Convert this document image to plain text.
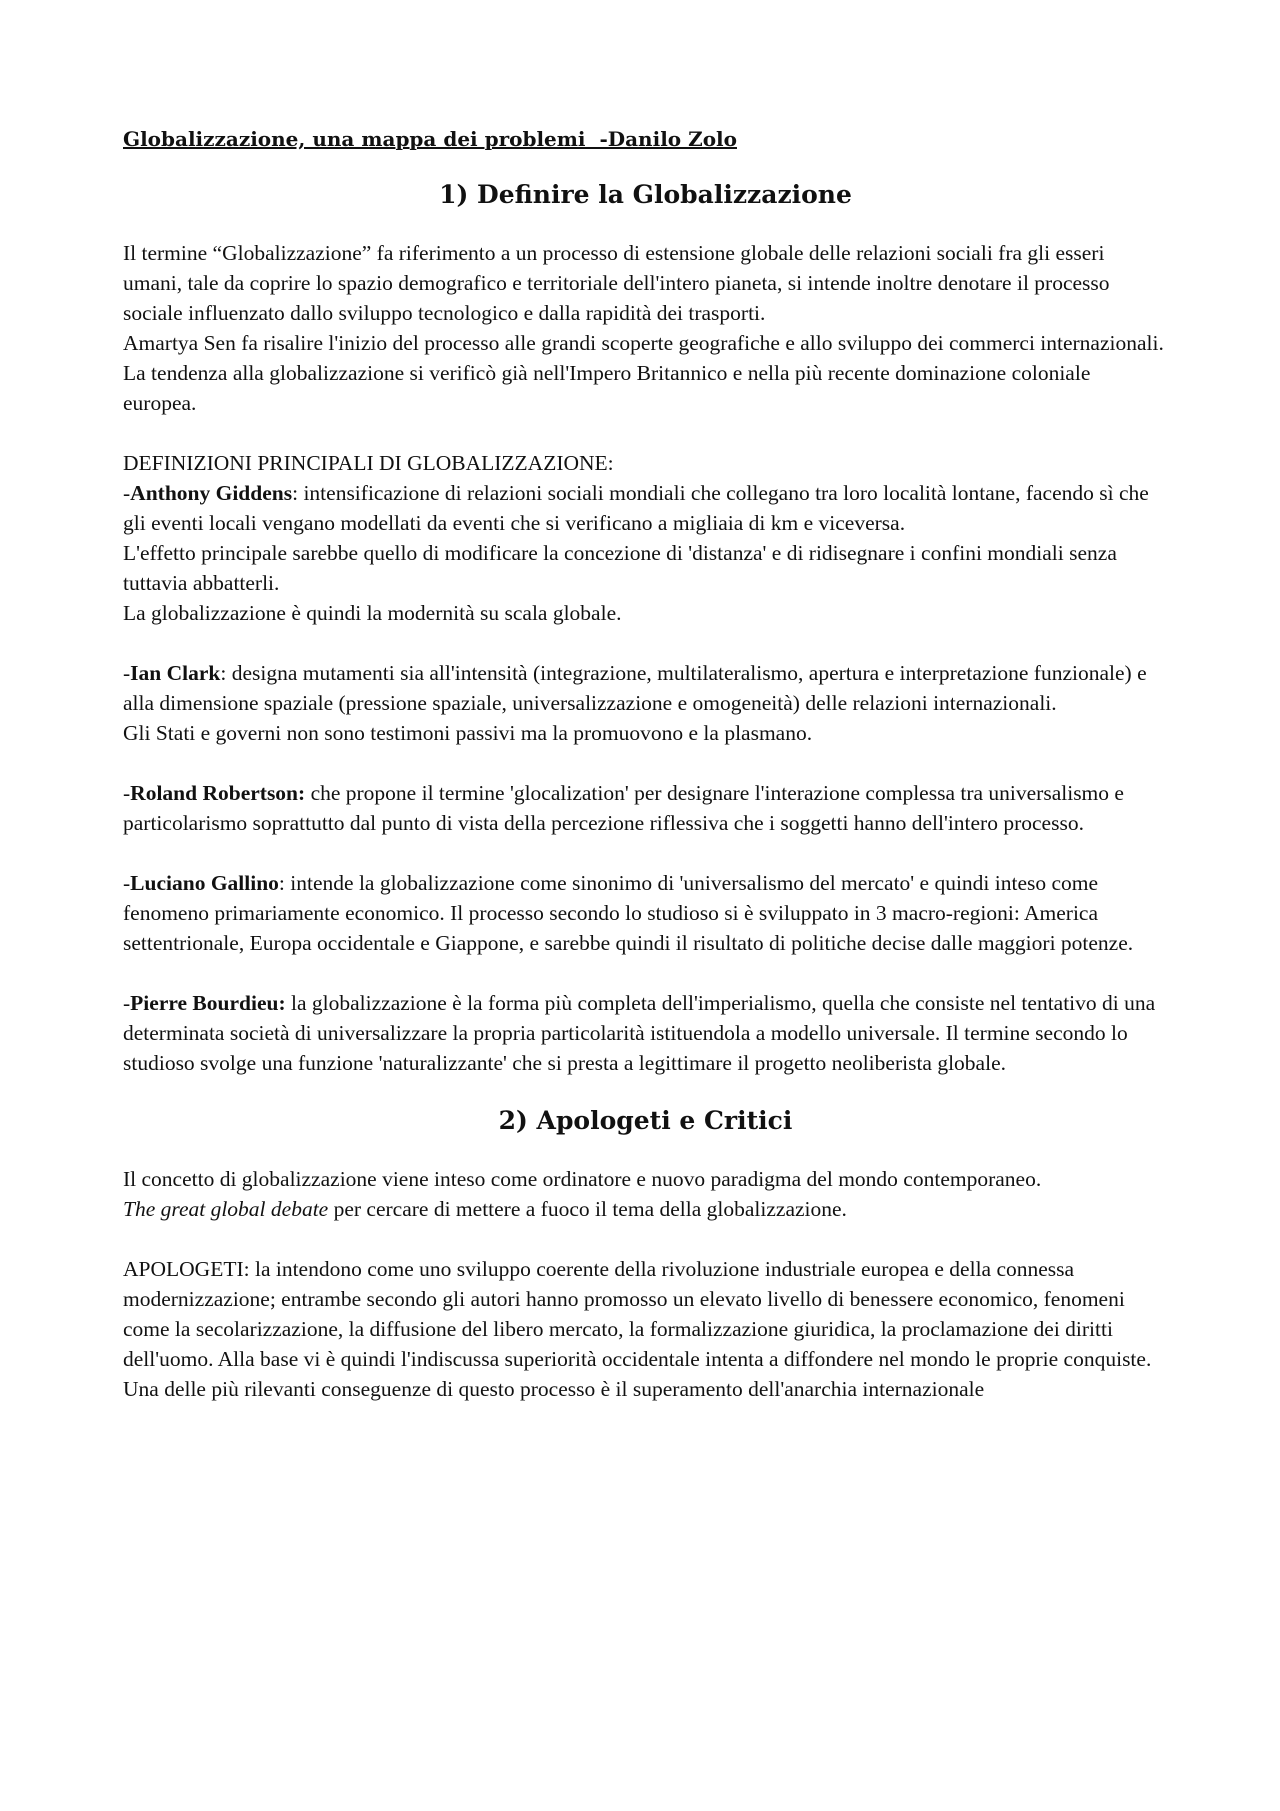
Globalizzazione, una mappa dei problemi  -Danilo Zolo
1) Definire la Globalizzazione

Il termine “Globalizzazione” fa riferimento a un processo di estensione globale delle relazioni sociali fra gli esseri umani, tale da coprire lo spazio demografico e territoriale dell'intero pianeta, si intende inoltre denotare il processo sociale influenzato dallo sviluppo tecnologico e dalla rapidità dei trasporti.

Amartya Sen fa risalire l'inizio del processo alle grandi scoperte geografiche e allo sviluppo dei commerci internazionali.

La tendenza alla globalizzazione si verificò già nell'Impero Britannico e nella più recente dominazione coloniale europea.

DEFINIZIONI PRINCIPALI DI GLOBALIZZAZIONE:

-Anthony Giddens: intensificazione di relazioni sociali mondiali che collegano tra loro località lontane, facendo sì che gli eventi locali vengano modellati da eventi che si verificano a migliaia di km e viceversa.

L'effetto principale sarebbe quello di modificare la concezione di 'distanza' e di ridisegnare i confini mondiali senza tuttavia abbatterli.

La globalizzazione è quindi la modernità su scala globale.

-Ian Clark: designa mutamenti sia all'intensità (integrazione, multilateralismo, apertura e interpretazione funzionale) e alla dimensione spaziale (pressione spaziale, universalizzazione e omogeneità) delle relazioni internazionali.

Gli Stati e governi non sono testimoni passivi ma la promuovono e la plasmano.

-Roland Robertson: che propone il termine 'glocalization' per designare l'interazione complessa tra universalismo e particolarismo soprattutto dal punto di vista della percezione riflessiva che i soggetti hanno dell'intero processo.

-Luciano Gallino: intende la globalizzazione come sinonimo di 'universalismo del mercato' e quindi inteso come fenomeno primariamente economico. Il processo secondo lo studioso si è sviluppato in 3 macro-regioni: America settentrionale, Europa occidentale e Giappone, e sarebbe quindi il risultato di politiche decise dalle maggiori potenze.

-Pierre Bourdieu: la globalizzazione è la forma più completa dell'imperialismo, quella che consiste nel tentativo di una determinata società di universalizzare la propria particolarità istituendola a modello universale. Il termine secondo lo studioso svolge una funzione 'naturalizzante' che si presta a legittimare il progetto neoliberista globale.

2) Apologeti e Critici

Il concetto di globalizzazione viene inteso come ordinatore e nuovo paradigma del mondo contemporaneo.

The great global debate per cercare di mettere a fuoco il tema della globalizzazione.

APOLOGETI: la intendono come uno sviluppo coerente della rivoluzione industriale europea e della connessa modernizzazione; entrambe secondo gli autori hanno promosso un elevato livello di benessere economico, fenomeni come la secolarizzazione, la diffusione del libero mercato, la formalizzazione giuridica, la proclamazione dei diritti dell'uomo. Alla base vi è quindi l'indiscussa superiorità occidentale intenta a diffondere nel mondo le proprie conquiste.

Una delle più rilevanti conseguenze di questo processo è il superamento dell'anarchia internazionale
